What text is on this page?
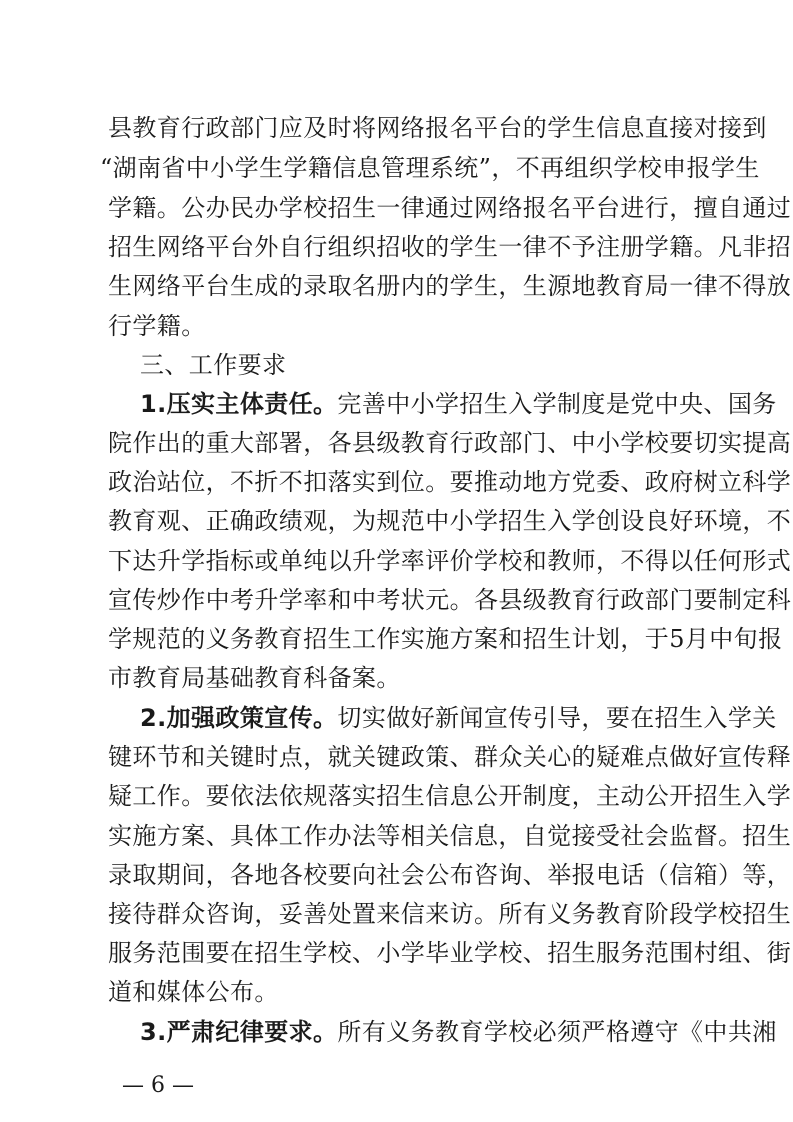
县教育行政部门应及时将网络报名平台的学生信息直接对接到
“湖南省中小学生学籍信息管理系统”，不再组织学校申报学生
学籍。公办民办学校招生一律通过网络报名平台进行，擅自通过
招生网络平台外自行组织招收的学生一律不予注册学籍。凡非招
生网络平台生成的录取名册内的学生，生源地教育局一律不得放
行学籍。
三、工作要求
1.压实主体责任。完善中小学招生入学制度是党中央、国务
院作出的重大部署，各县级教育行政部门、中小学校要切实提高
政治站位，不折不扣落实到位。要推动地方党委、政府树立科学
教育观、正确政绩观，为规范中小学招生入学创设良好环境，不
下达升学指标或单纯以升学率评价学校和教师，不得以任何形式
宣传炒作中考升学率和中考状元。各县级教育行政部门要制定科
学规范的义务教育招生工作实施方案和招生计划，于5月中旬报
市教育局基础教育科备案。
2.加强政策宣传。切实做好新闻宣传引导，要在招生入学关
键环节和关键时点，就关键政策、群众关心的疑难点做好宣传释
疑工作。要依法依规落实招生信息公开制度，主动公开招生入学
实施方案、具体工作办法等相关信息，自觉接受社会监督。招生
录取期间，各地各校要向社会公布咨询、举报电话（信箱）等，
接待群众咨询，妥善处置来信来访。所有义务教育阶段学校招生
服务范围要在招生学校、小学毕业学校、招生服务范围村组、街
道和媒体公布。
3.严肃纪律要求。所有义务教育学校必须严格遵守《中共湘
— 6 —
